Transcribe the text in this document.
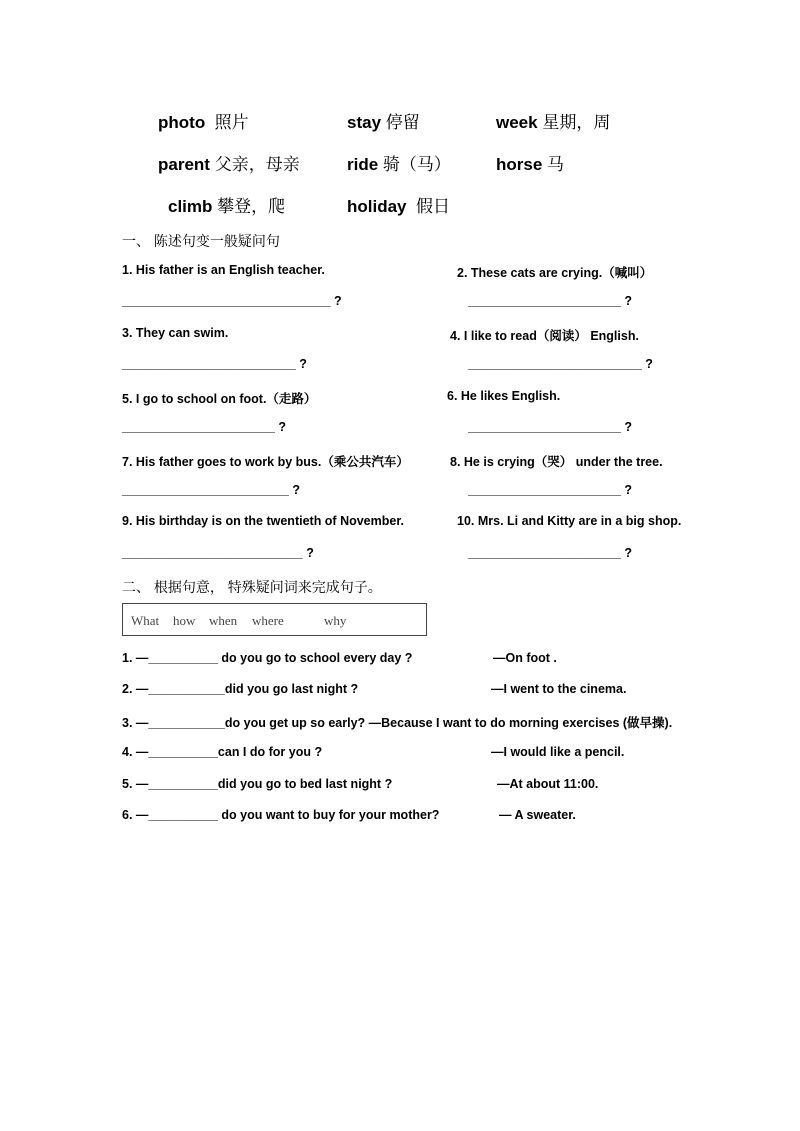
photo 照片	stay 停留	week 星期，周
parent 父亲，母亲	ride 骑（马）	horse 马
climb 攀登，爬	holiday 假日
一、 陈述句变一般疑问句
1. His father is an English teacher.	2. These cats are crying.（喊叫）
______________________________ ?	______________________ ?
3. They can swim.	4. I like to read（阅读） English.
_________________________ ?	_________________________ ?
5. I go to school on foot.（走路）	6. He likes English.
______________________ ?	______________________ ?
7. His father goes to work by bus.（乘公共汽车）	8. He is crying（哭） under the tree.
________________________ ?	______________________ ?
9. His birthday is on the twentieth of November.	10. Mrs. Li and Kitty are in a big shop.
__________________________ ?	______________________ ?
二、 根据句意， 特殊疑问词来完成句子。
What how when where	why
1. —__________ do you go to school every day ?	—On foot .
2. —___________did you go last night ?	—I went to the cinema.
3. —___________do you get up so early? —Because I want to do morning exercises (做早操).
4. —__________can I do for you ?	—I would like a pencil.
5. —__________did you go to bed last night ?	—At about 11:00.
6. —__________ do you want to buy for your mother?	— A sweater.
